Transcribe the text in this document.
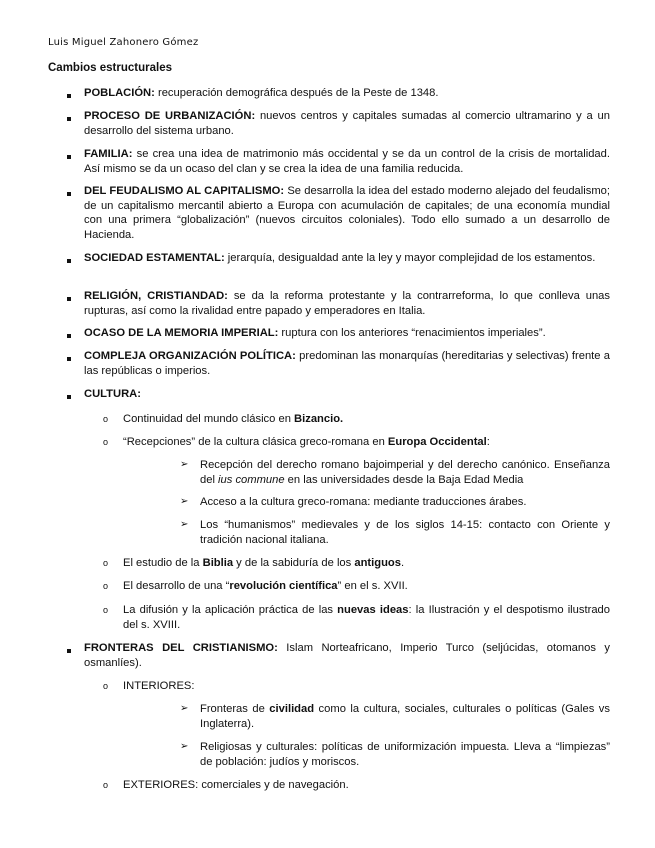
Luis Miguel Zahonero Gómez
Cambios estructurales
POBLACIÓN: recuperación demográfica después de la Peste de 1348.
PROCESO DE URBANIZACIÓN: nuevos centros y capitales sumadas al comercio ultramarino y a un desarrollo del sistema urbano.
FAMILIA: se crea una idea de matrimonio más occidental y se da un control de la crisis de mortalidad. Así mismo se da un ocaso del clan y se crea la idea de una familia reducida.
DEL FEUDALISMO AL CAPITALISMO: Se desarrolla la idea del estado moderno alejado del feudalismo; de un capitalismo mercantil abierto a Europa con acumulación de capitales; de una economía mundial con una primera “globalización” (nuevos circuitos coloniales). Todo ello sumado a un desarrollo de Hacienda.
SOCIEDAD ESTAMENTAL: jerarquía, desigualdad ante la ley y mayor complejidad de los estamentos.
RELIGIÓN, CRISTIANDAD: se da la reforma protestante y la contrarreforma, lo que conlleva unas rupturas, así como la rivalidad entre papado y emperadores en Italia.
OCASO DE LA MEMORIA IMPERIAL: ruptura con los anteriores “renacimientos imperiales”.
COMPLEJA ORGANIZACIÓN POLÍTICA: predominan las monarquías (hereditarias y selectivas) frente a las repúblicas o imperios.
CULTURA:
o Continuidad del mundo clásico en Bizancio.
o “Recepciones” de la cultura clásica greco-romana en Europa Occidental:
➢ Recepción del derecho romano bajoimperial y del derecho canónico. Enseñanza del ius commune en las universidades desde la Baja Edad Media
➢ Acceso a la cultura greco-romana: mediante traducciones árabes.
➢ Los “humanismos” medievales y de los siglos 14-15: contacto con Oriente y tradición nacional italiana.
o El estudio de la Biblia y de la sabiduría de los antiguos.
o El desarrollo de una “revolución científica” en el s. XVII.
o La difusión y la aplicación práctica de las nuevas ideas: la Ilustración y el despotismo ilustrado del s. XVIII.
FRONTERAS DEL CRISTIANISMO: Islam Norteafricano, Imperio Turco (seljúcidas, otomanos y osmanlíes).
o INTERIORES:
➢ Fronteras de civilidad como la cultura, sociales, culturales o políticas (Gales vs Inglaterra).
➢ Religiosas y culturales: políticas de uniformización impuesta. Lleva a “limpiezas” de población: judíos y moriscos.
o EXTERIORES: comerciales y de navegación.
